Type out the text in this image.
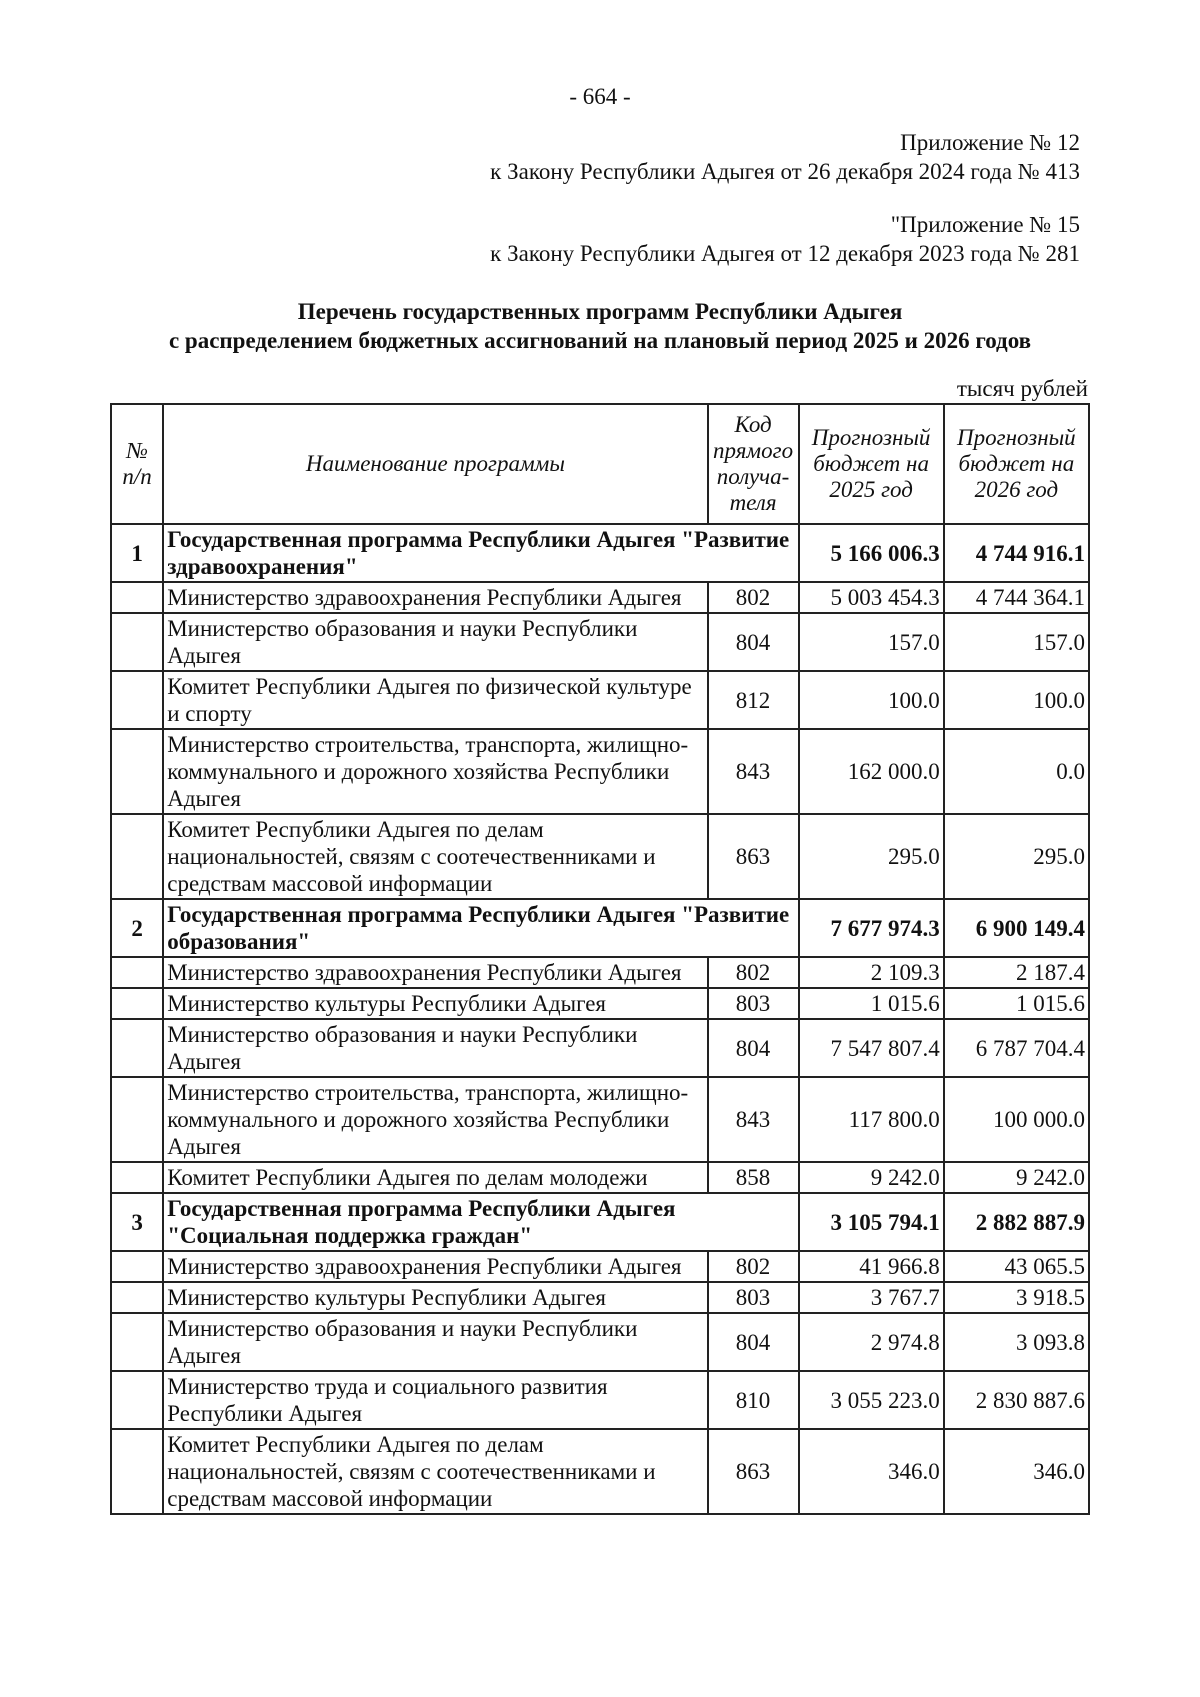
- 664 -
Приложение № 12
к Закону Республики Адыгея от 26 декабря 2024 года № 413
"Приложение № 15
к Закону Республики Адыгея от 12 декабря 2023 года № 281
Перечень государственных программ Республики Адыгея
с распределением бюджетных ассигнований на плановый период 2025 и 2026 годов
тысяч рублей
№ п/п	Наименование программы	Код прямого получа-теля	Прогнозный бюджет на 2025 год	Прогнозный бюджет на 2026 год
1	Государственная программа Республики Адыгея "Развитие здравоохранения"		5 166 006.3	4 744 916.1
	Министерство здравоохранения Республики Адыгея	802	5 003 454.3	4 744 364.1
	Министерство образования и науки Республики Адыгея	804	157.0	157.0
	Комитет Республики Адыгея по физической культуре и спорту	812	100.0	100.0
	Министерство строительства, транспорта, жилищно-коммунального и дорожного хозяйства Республики Адыгея	843	162 000.0	0.0
	Комитет Республики Адыгея по делам национальностей, связям с соотечественниками и средствам массовой информации	863	295.0	295.0
2	Государственная программа Республики Адыгея "Развитие образования"		7 677 974.3	6 900 149.4
	Министерство здравоохранения Республики Адыгея	802	2 109.3	2 187.4
	Министерство культуры Республики Адыгея	803	1 015.6	1 015.6
	Министерство образования и науки Республики Адыгея	804	7 547 807.4	6 787 704.4
	Министерство строительства, транспорта, жилищно-коммунального и дорожного хозяйства Республики Адыгея	843	117 800.0	100 000.0
	Комитет Республики Адыгея по делам молодежи	858	9 242.0	9 242.0
3	Государственная программа Республики Адыгея "Социальная поддержка граждан"		3 105 794.1	2 882 887.9
	Министерство здравоохранения Республики Адыгея	802	41 966.8	43 065.5
	Министерство культуры Республики Адыгея	803	3 767.7	3 918.5
	Министерство образования и науки Республики Адыгея	804	2 974.8	3 093.8
	Министерство труда и социального развития Республики Адыгея	810	3 055 223.0	2 830 887.6
	Комитет Республики Адыгея по делам национальностей, связям с соотечественниками и средствам массовой информации	863	346.0	346.0
